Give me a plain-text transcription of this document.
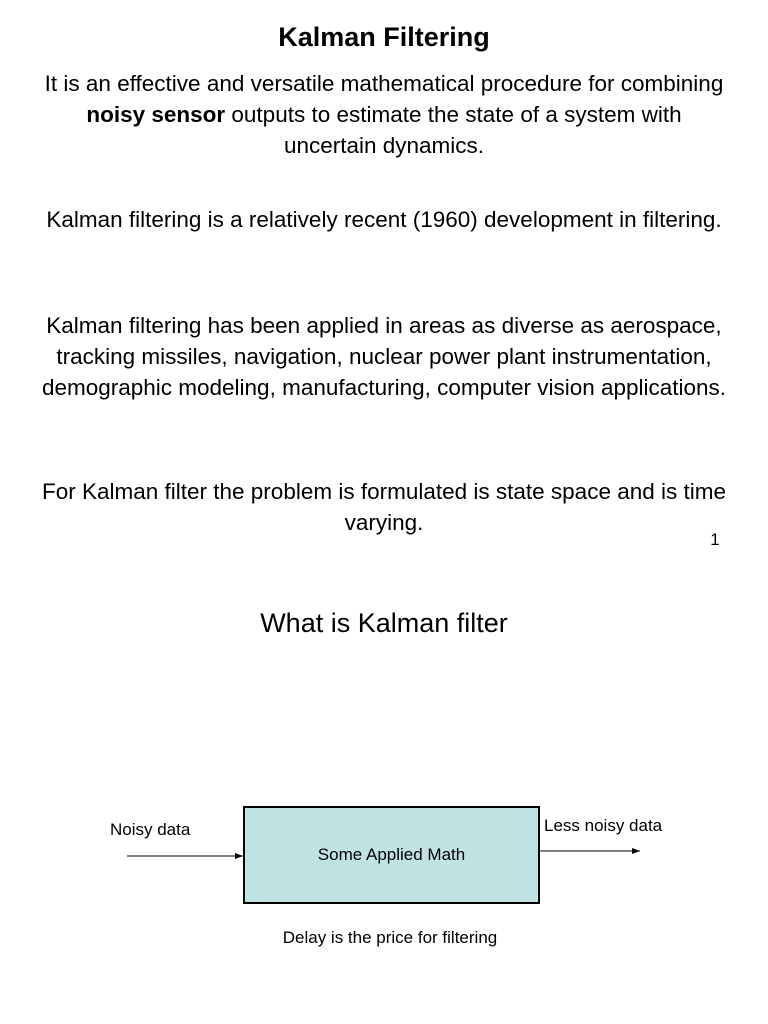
Kalman Filtering
It is an effective and versatile mathematical procedure for combining noisy sensor outputs to estimate the state of a system with uncertain dynamics.
Kalman filtering is a relatively recent (1960) development in filtering.
Kalman filtering has been applied in areas as diverse as aerospace, tracking missiles, navigation, nuclear power plant instrumentation, demographic modeling, manufacturing, computer vision applications.
For Kalman filter the problem is formulated is state space and is time varying.
1
What is Kalman filter
Noisy data
Some Applied Math
Less noisy data
Delay is the price for filtering
